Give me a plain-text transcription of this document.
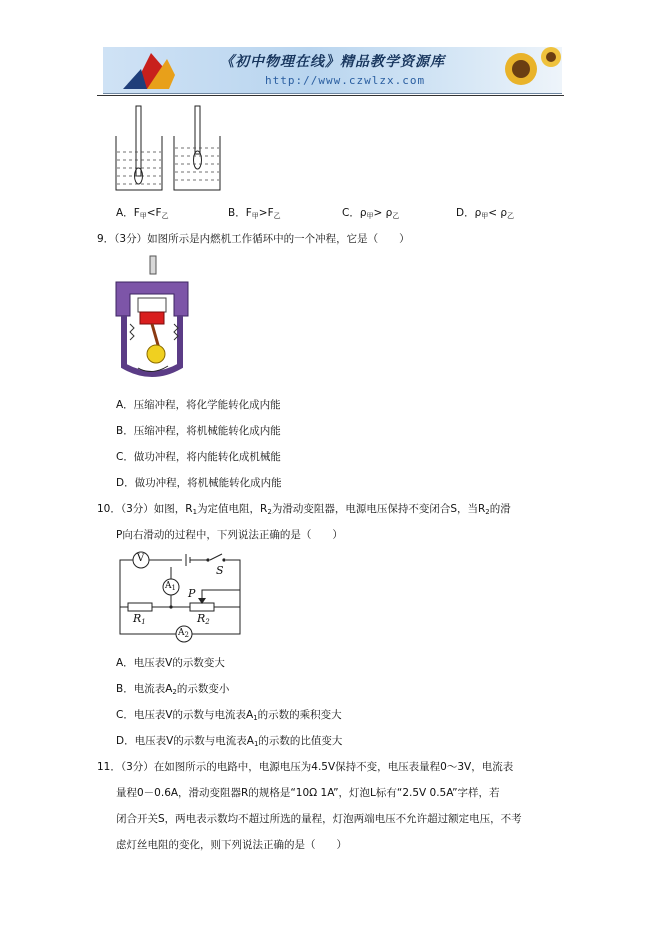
《初中物理在线》精品教学资源库
http://www.czwlzx.com
A．$F_甲<F_乙$	B．$F_甲>F_乙$	C．$\rho_甲> \rho_乙$	D．$\rho_甲< \rho_乙$
9．（3分）如图所示是内燃机工作循环中的一个冲程，它是（　　）
A．压缩冲程，将化学能转化成内能
B．压缩冲程，将机械能转化成内能
C．做功冲程，将内能转化成机械能
D．做功冲程，将机械能转化成内能
10．（3分）如图，$R_1$为定值电阻，$R_2$为滑动变阻器，电源电压保持不变闭合S，当$R_2$的滑
P向右滑动的过程中，下列说法正确的是（　　）
V
$A_1$
$A_2$
S
P
$R_1$	$R_2$
A．电压表V的示数变大
B．电流表$A_2$的示数变小
C．电压表V的示数与电流表$A_1$的示数的乘积变大
D．电压表V的示数与电流表$A_1$的示数的比值变大
11．（3分）在如图所示的电路中，电源电压为4.5V保持不变，电压表量程0～3V，电流表
量程0－0.6A，滑动变阻器R的规格是“10Ω 1A”，灯泡L标有“2.5V 0.5A”字样，若
闭合开关S，两电表示数均不超过所选的量程，灯泡两端电压不允许超过额定电压，不考
虑灯丝电阻的变化，则下列说法正确的是（　　）
